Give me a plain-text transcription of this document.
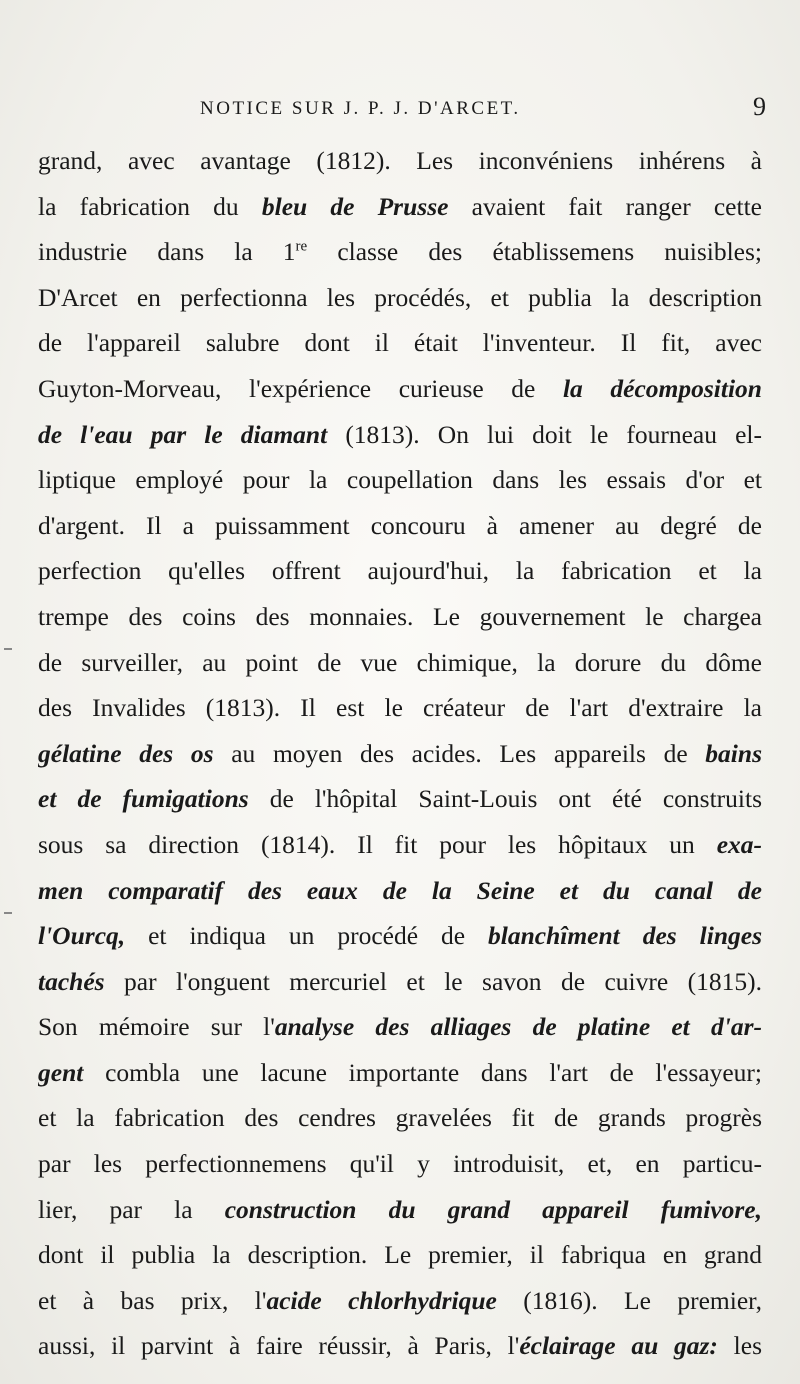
NOTICE SUR J. P. J. D'ARCET.	9
grand, avec avantage (1812). Les inconvéniens inhérens à
la fabrication du bleu de Prusse avaient fait ranger cette
industrie dans la 1re classe des établissemens nuisibles;
D'Arcet en perfectionna les procédés, et publia la description
de l'appareil salubre dont il était l'inventeur. Il fit, avec
Guyton-Morveau, l'expérience curieuse de la décomposition
de l'eau par le diamant (1813). On lui doit le fourneau el-
liptique employé pour la coupellation dans les essais d'or et
d'argent. Il a puissamment concouru à amener au degré de
perfection qu'elles offrent aujourd'hui, la fabrication et la
trempe des coins des monnaies. Le gouvernement le chargea
de surveiller, au point de vue chimique, la dorure du dôme
des Invalides (1813). Il est le créateur de l'art d'extraire la
gélatine des os au moyen des acides. Les appareils de bains
et de fumigations de l'hôpital Saint-Louis ont été construits
sous sa direction (1814). Il fit pour les hôpitaux un exa-
men comparatif des eaux de la Seine et du canal de
l'Ourcq, et indiqua un procédé de blanchîment des linges
tachés par l'onguent mercuriel et le savon de cuivre (1815).
Son mémoire sur l'analyse des alliages de platine et d'ar-
gent combla une lacune importante dans l'art de l'essayeur;
et la fabrication des cendres gravelées fit de grands progrès
par les perfectionnemens qu'il y introduisit, et, en particu-
lier, par la construction du grand appareil fumivore,
dont il publia la description. Le premier, il fabriqua en grand
et à bas prix, l'acide chlorhydrique (1816). Le premier,
aussi, il parvint à faire réussir, à Paris, l'éclairage au gaz: les
